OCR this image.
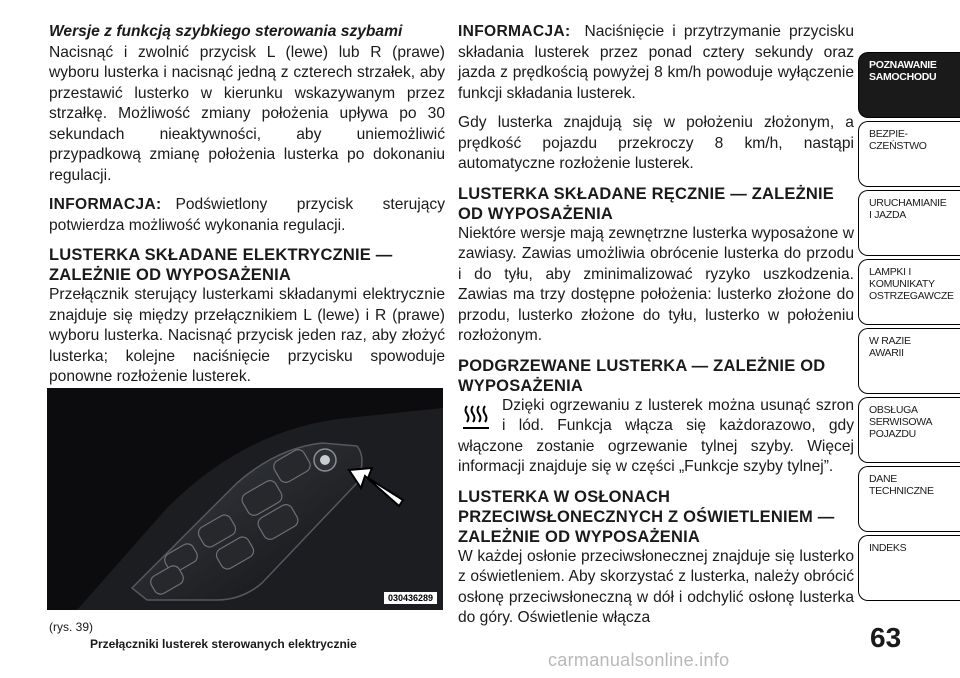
Wersje z funkcją szybkiego sterowania szybami
Nacisnąć i zwolnić przycisk L (lewe) lub R (prawe) wyboru lusterka i nacisnąć jedną z czterech strzałek, aby przestawić lusterko w kierunku wskazywanym przez strzałkę. Możliwość zmiany położenia upływa po 30 sekundach nieaktywności, aby uniemożliwić przypadkową zmianę położenia lusterka po dokonaniu regulacji.

INFORMACJA: Podświetlony przycisk sterujący potwierdza możliwość wykonania regulacji.

LUSTERKA SKŁADANE ELEKTRYCZNIE — ZALEŻNIE OD WYPOSAŻENIA

Przełącznik sterujący lusterkami składanymi elektrycznie znajduje się między przełącznikiem L (lewe) i R (prawe) wyboru lusterka. Nacisnąć przycisk jeden raz, aby złożyć lusterka; kolejne naciśnięcie przycisku spowoduje ponowne rozłożenie lusterek.

030436289
(rys. 39)
Przełączniki lusterek sterowanych elektrycznie

INFORMACJA: Naciśnięcie i przytrzymanie przycisku składania lusterek przez ponad cztery sekundy oraz jazda z prędkością powyżej 8 km/h powoduje wyłączenie funkcji składania lusterek.

Gdy lusterka znajdują się w położeniu złożonym, a prędkość pojazdu przekroczy 8 km/h, nastąpi automatyczne rozłożenie lusterek.

LUSTERKA SKŁADANE RĘCZNIE — ZALEŻNIE OD WYPOSAŻENIA

Niektóre wersje mają zewnętrzne lusterka wyposażone w zawiasy. Zawias umożliwia obrócenie lusterka do przodu i do tyłu, aby zminimalizować ryzyko uszkodzenia. Zawias ma trzy dostępne położenia: lusterko złożone do przodu, lusterko złożone do tyłu, lusterko w położeniu rozłożonym.

PODGRZEWANE LUSTERKA — ZALEŻNIE OD WYPOSAŻENIA

Dzięki ogrzewaniu z lusterek można usunąć szron i lód. Funkcja włącza się każdorazowo, gdy włączone zostanie ogrzewanie tylnej szyby. Więcej informacji znajduje się w części „Funkcje szyby tylnej”.

LUSTERKA W OSŁONACH PRZECIWSŁONECZNYCH Z OŚWIETLENIEM — ZALEŻNIE OD WYPOSAŻENIA

W każdej osłonie przeciwsłonecznej znajduje się lusterko z oświetleniem. Aby skorzystać z lusterka, należy obrócić osłonę przeciwsłoneczną w dół i odchylić osłonę lusterka do góry. Oświetlenie włącza

POZNAWANIE
SAMOCHODU
BEZPIE-
CZEŃSTWO
URUCHAMIANIE
I JAZDA
LAMPKI I
KOMUNIKATY
OSTRZEGAWCZE
W RAZIE
AWARII
OBSŁUGA
SERWISOWA
POJAZDU
DANE
TECHNICZNE
INDEKS
63
carmanualsonline.info
